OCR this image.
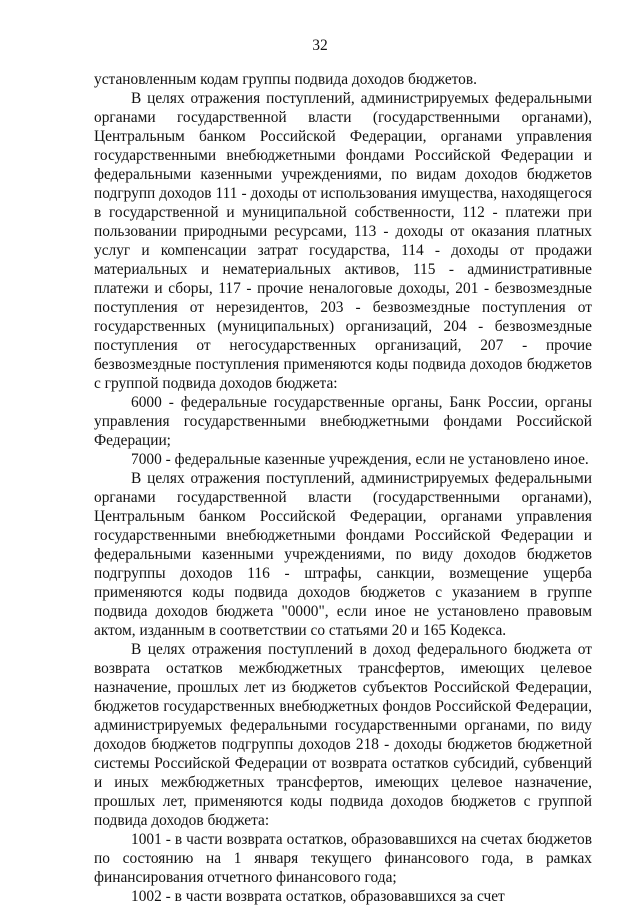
32

установленным кодам группы подвида доходов бюджетов.

В целях отражения поступлений, администрируемых федеральными органами государственной власти (государственными органами), Центральным банком Российской Федерации, органами управления государственными внебюджетными фондами Российской Федерации и федеральными казенными учреждениями, по видам доходов бюджетов подгрупп доходов 111 - доходы от использования имущества, находящегося в государственной и муниципальной собственности, 112 - платежи при пользовании природными ресурсами, 113 - доходы от оказания платных услуг и компенсации затрат государства, 114 - доходы от продажи материальных и нематериальных активов, 115 - административные платежи и сборы, 117 - прочие неналоговые доходы, 201 - безвозмездные поступления от нерезидентов, 203 - безвозмездные поступления от государственных (муниципальных) организаций, 204 - безвозмездные поступления от негосударственных организаций, 207 - прочие безвозмездные поступления применяются коды подвида доходов бюджетов с группой подвида доходов бюджета:

6000 - федеральные государственные органы, Банк России, органы управления государственными внебюджетными фондами Российской Федерации;

7000 - федеральные казенные учреждения, если не установлено иное.

В целях отражения поступлений, администрируемых федеральными органами государственной власти (государственными органами), Центральным банком Российской Федерации, органами управления государственными внебюджетными фондами Российской Федерации и федеральными казенными учреждениями, по виду доходов бюджетов подгруппы доходов 116 - штрафы, санкции, возмещение ущерба применяются коды подвида доходов бюджетов с указанием в группе подвида доходов бюджета "0000", если иное не установлено правовым актом, изданным в соответствии со статьями 20 и 165 Кодекса.

В целях отражения поступлений в доход федерального бюджета от возврата остатков межбюджетных трансфертов, имеющих целевое назначение, прошлых лет из бюджетов субъектов Российской Федерации, бюджетов государственных внебюджетных фондов Российской Федерации, администрируемых федеральными государственными органами, по виду доходов бюджетов подгруппы доходов 218 - доходы бюджетов бюджетной системы Российской Федерации от возврата остатков субсидий, субвенций и иных межбюджетных трансфертов, имеющих целевое назначение, прошлых лет, применяются коды подвида доходов бюджетов с группой подвида доходов бюджета:

1001 - в части возврата остатков, образовавшихся на счетах бюджетов по состоянию на 1 января текущего финансового года, в рамках финансирования отчетного финансового года;

1002 - в части возврата остатков, образовавшихся за счет
